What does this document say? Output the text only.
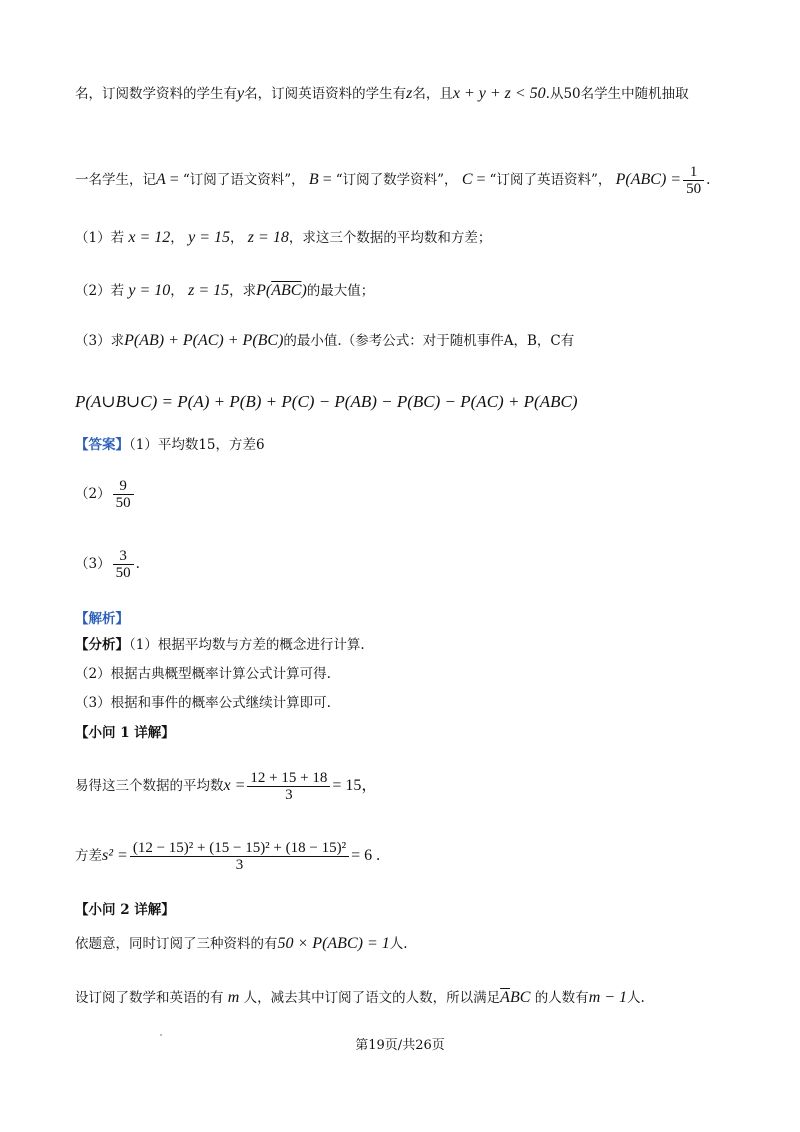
名，订阅数学资料的学生有y名，订阅英语资料的学生有z名，且x + y + z < 50.从50名学生中随机抽取
一名学生，记A = “订阅了语文资料”， B = “订阅了数学资料”， C = “订阅了英语资料”， $P(ABC) = \frac{1}{50}$ .
（1）若 x = 12， y = 15， z = 18，求这三个数据的平均数和方差；
（2）若 y = 10， z = 15，求$P(\overline{ABC})$的最大值；
（3）求P(AB) + P(AC) + P(BC)的最小值.（参考公式：对于随机事件A，B，C有
P(A∪B∪C) = P(A) + P(B) + P(C) − P(AB) − P(BC) − P(AC) + P(ABC)
【答案】（1）平均数15，方差6
$(2) \frac{9}{50}$
$(3) \frac{3}{50}$ .
【解析】
【分析】（1）根据平均数与方差的概念进行计算.
（2）根据古典概型概率计算公式计算可得.
（3）根据和事件的概率公式继续计算即可.
【小问 1 详解】
易得这三个数据的平均数$x = \frac{12 + 15 + 18}{3} = 15$，
方差$s^2 = \frac{\text{(12 − 15)² + (15 − 15)² + (18 − 15)²}}{3} = 6$ .
【小问 2 详解】
依题意，同时订阅了三种资料的有50 × P(ABC) = 1人.
设订阅了数学和英语的有 m 人，减去其中订阅了语文的人数，所以满足$\overline{A}BC$ 的人数有m − 1人.
第19页/共26页
